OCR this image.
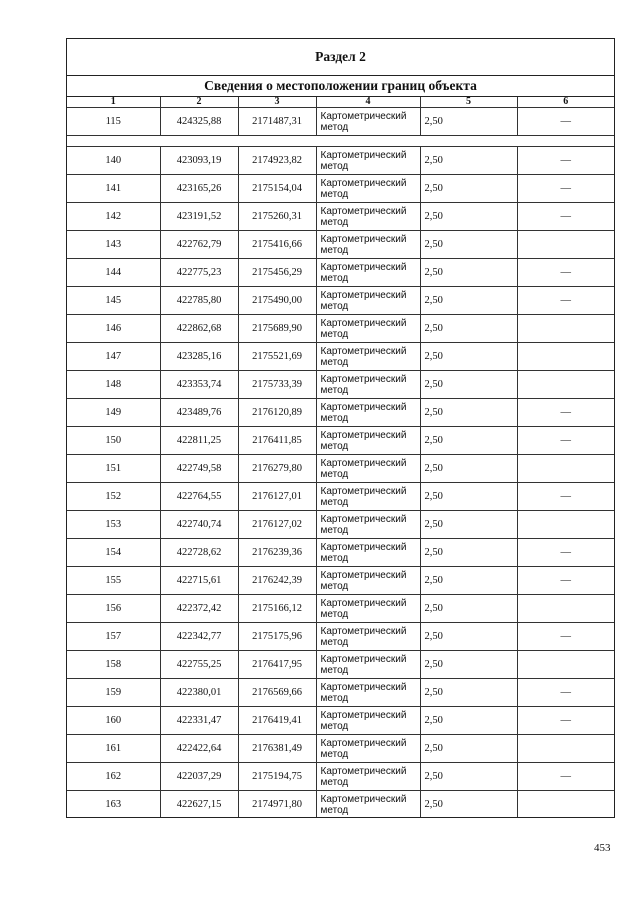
Раздел 2
Сведения о местоположении границ объекта
1	2	3	4	5	6
115	424325,88	2171487,31	Картометрический метод	2,50	—

140	423093,19	2174923,82	Картометрический метод	2,50	—
141	423165,26	2175154,04	Картометрический метод	2,50	—
142	423191,52	2175260,31	Картометрический метод	2,50	—
143	422762,79	2175416,66	Картометрический метод	2,50	
144	422775,23	2175456,29	Картометрический метод	2,50	—
145	422785,80	2175490,00	Картометрический метод	2,50	—
146	422862,68	2175689,90	Картометрический метод	2,50	
147	423285,16	2175521,69	Картометрический метод	2,50	
148	423353,74	2175733,39	Картометрический метод	2,50	
149	423489,76	2176120,89	Картометрический метод	2,50	—
150	422811,25	2176411,85	Картометрический метод	2,50	—
151	422749,58	2176279,80	Картометрический метод	2,50	
152	422764,55	2176127,01	Картометрический метод	2,50	—
153	422740,74	2176127,02	Картометрический метод	2,50	
154	422728,62	2176239,36	Картометрический метод	2,50	—
155	422715,61	2176242,39	Картометрический метод	2,50	—
156	422372,42	2175166,12	Картометрический метод	2,50	
157	422342,77	2175175,96	Картометрический метод	2,50	—
158	422755,25	2176417,95	Картометрический метод	2,50	
159	422380,01	2176569,66	Картометрический метод	2,50	—
160	422331,47	2176419,41	Картометрический метод	2,50	—
161	422422,64	2176381,49	Картометрический метод	2,50	
162	422037,29	2175194,75	Картометрический метод	2,50	—
163	422627,15	2174971,80	Картометрический метод	2,50	
453
